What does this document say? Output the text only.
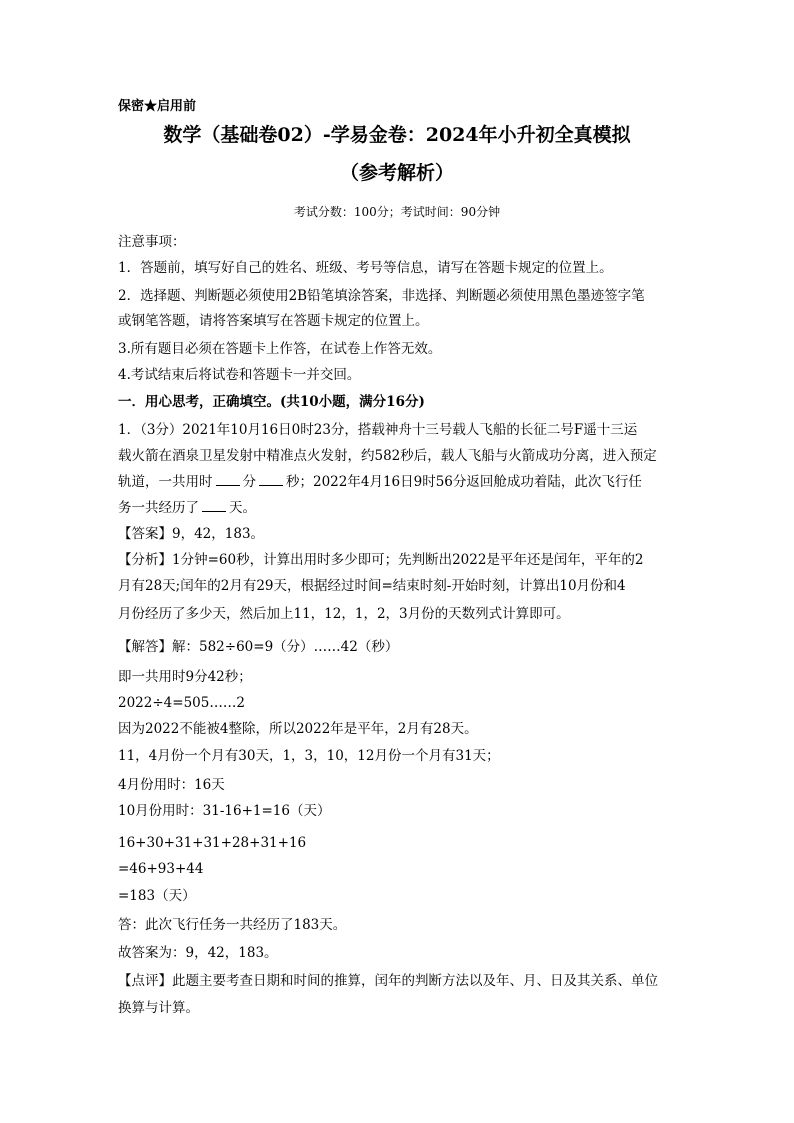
保密★启用前
数学（基础卷02）-学易金卷：2024年小升初全真模拟
（参考解析）
考试分数：100分；考试时间：90分钟
注意事项：
1．答题前，填写好自己的姓名、班级、考号等信息，请写在答题卡规定的位置上。
2．选择题、判断题必须使用2B铅笔填涂答案，非选择、判断题必须使用黑色墨迹签字笔
或钢笔答题，请将答案填写在答题卡规定的位置上。
3.所有题目必须在答题卡上作答，在试卷上作答无效。
4.考试结束后将试卷和答题卡一并交回。
一．用心思考，正确填空。(共10小题，满分16分)
1．（3分）2021年10月16日0时23分，搭载神舟十三号载人飞船的长征二号F遥十三运
载火箭在酒泉卫星发射中精准点火发射，约582秒后，载人飞船与火箭成功分离，进入预定
轨道，一共用时 分 秒；2022年4月16日9时56分返回舱成功着陆，此次飞行任
务一共经历了 天。
【答案】9，42，183。
【分析】1分钟=60秒，计算出用时多少即可；先判断出2022是平年还是闰年，平年的2
月有28天;闰年的2月有29天，根据经过时间=结束时刻-开始时刻，计算出10月份和4
月份经历了多少天，然后加上11，12，1，2，3月份的天数列式计算即可。
【解答】解：582÷60=9（分）……42（秒）
即一共用时9分42秒；
2022÷4=505……2
因为2022不能被4整除，所以2022年是平年，2月有28天。
11，4月份一个月有30天，1，3，10，12月份一个月有31天；
4月份用时：16天
10月份用时：31-16+1=16（天）
16+30+31+31+28+31+16
=46+93+44
=183（天）
答：此次飞行任务一共经历了183天。
故答案为：9，42，183。
【点评】此题主要考查日期和时间的推算，闰年的判断方法以及年、月、日及其关系、单位
换算与计算。
